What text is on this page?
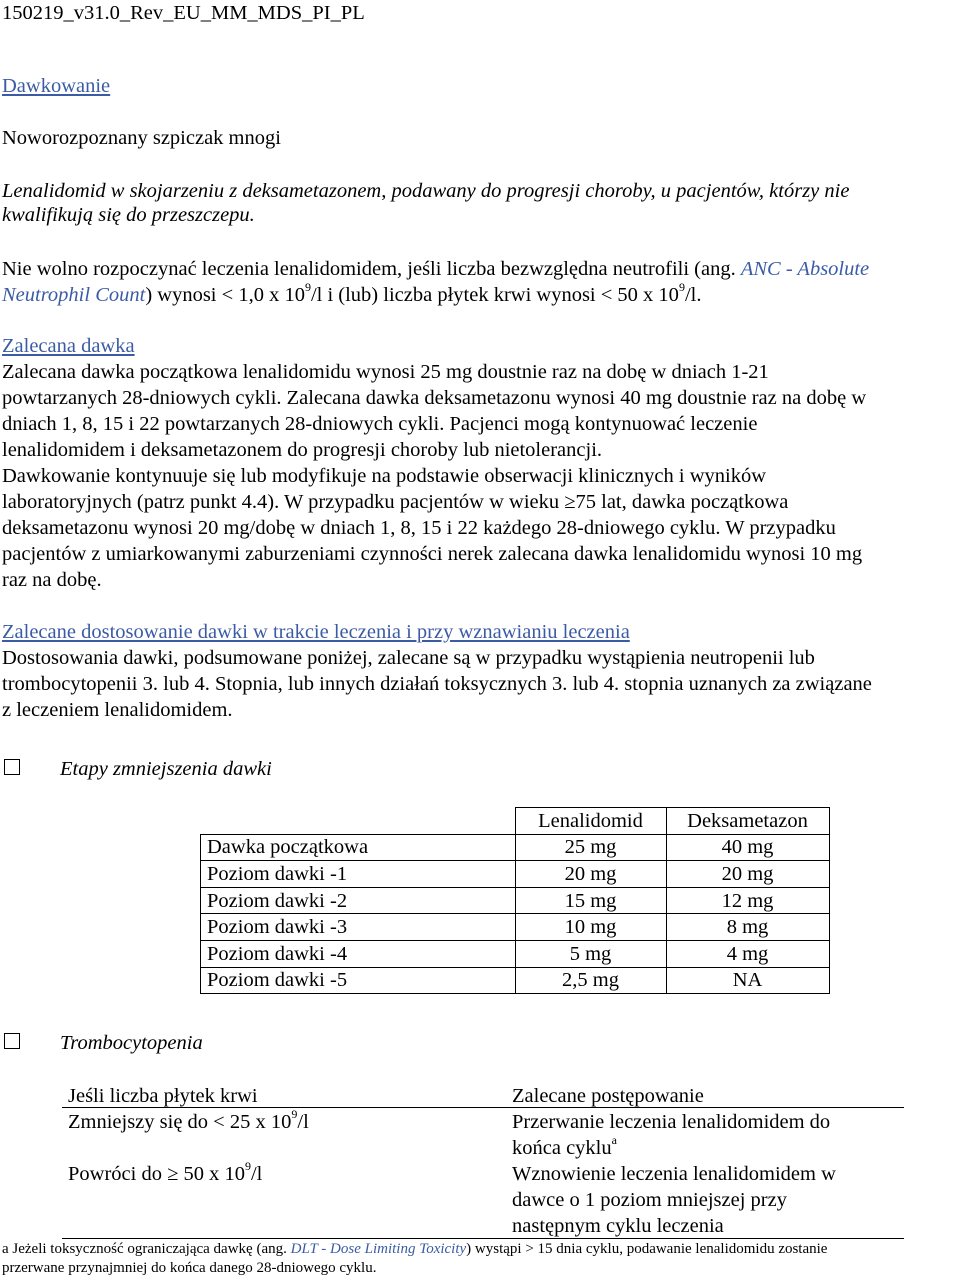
150219_v31.0_Rev_EU_MM_MDS_PI_PL
Dawkowanie
Noworozpoznany szpiczak mnogi
Lenalidomid w skojarzeniu z deksametazonem, podawany do progresji choroby, u pacjentów, którzy nie
kwalifikują się do przeszczepu.
Nie wolno rozpoczynać leczenia lenalidomidem, jeśli liczba bezwzględna neutrofili (ang. ANC - Absolute
Neutrophil Count) wynosi < 1,0 x $10^9/l$ i (lub) liczba płytek krwi wynosi < 50 x $10^9/l$.
Zalecana dawka
Zalecana dawka początkowa lenalidomidu wynosi 25 mg doustnie raz na dobę w dniach 1-21
powtarzanych 28-dniowych cykli. Zalecana dawka deksametazonu wynosi 40 mg doustnie raz na dobę w
dniach 1, 8, 15 i 22 powtarzanych 28-dniowych cykli. Pacjenci mogą kontynuować leczenie
lenalidomidem i deksametazonem do progresji choroby lub nietolerancji.
Dawkowanie kontynuuje się lub modyfikuje na podstawie obserwacji klinicznych i wyników
laboratoryjnych (patrz punkt 4.4). W przypadku pacjentów w wieku ≥75 lat, dawka początkowa
deksametazonu wynosi 20 mg/dobę w dniach 1, 8, 15 i 22 każdego 28-dniowego cyklu. W przypadku
pacjentów z umiarkowanymi zaburzeniami czynności nerek zalecana dawka lenalidomidu wynosi 10 mg
raz na dobę.
Zalecane dostosowanie dawki w trakcie leczenia i przy wznawianiu leczenia
Dostosowania dawki, podsumowane poniżej, zalecane są w przypadku wystąpienia neutropenii lub
trombocytopenii 3. lub 4. Stopnia, lub innych działań toksycznych 3. lub 4. stopnia uznanych za związane
z leczeniem lenalidomidem.
Etapy zmniejszenia dawki
	Lenalidomid	Deksametazon
Dawka początkowa	25 mg	40 mg
Poziom dawki -1	20 mg	20 mg
Poziom dawki -2	15 mg	12 mg
Poziom dawki -3	10 mg	8 mg
Poziom dawki -4	5 mg	4 mg
Poziom dawki -5	2,5 mg	NA
Trombocytopenia
Jeśli liczba płytek krwi	Zalecane postępowanie
Zmniejszy się do < 25 x $10^9/l$	Przerwanie leczenia lenalidomidem do
końca cyklu$^a$
Powróci do ≥ 50 x $10^9/l$	Wznowienie leczenia lenalidomidem w
dawce o 1 poziom mniejszej przy
następnym cyklu leczenia
a Jeżeli toksyczność ograniczająca dawkę (ang. DLT - Dose Limiting Toxicity) wystąpi > 15 dnia cyklu, podawanie lenalidomidu zostanie
przerwane przynajmniej do końca danego 28-dniowego cyklu.
